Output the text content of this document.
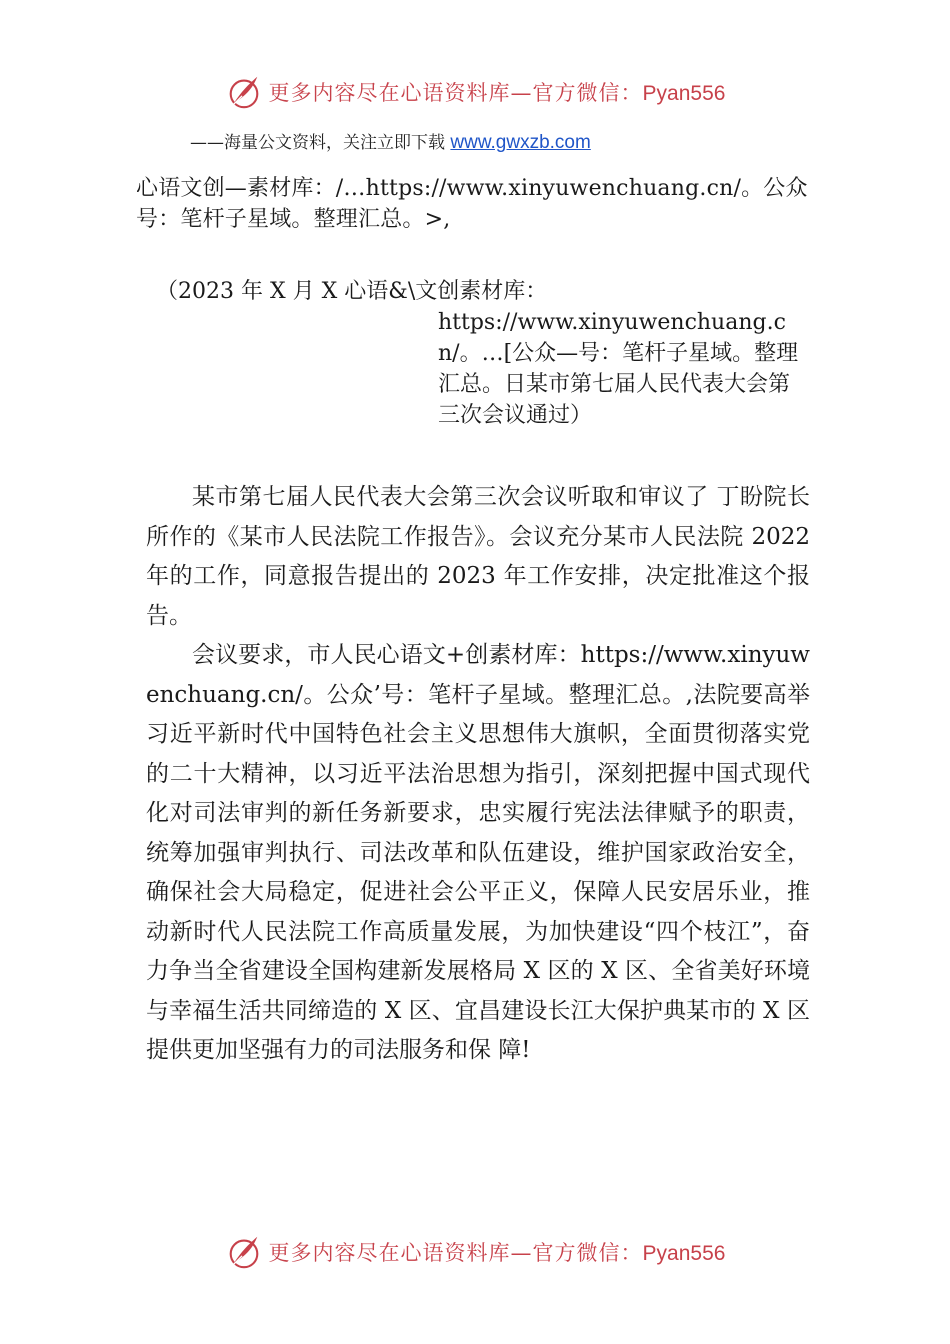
更多内容尽在心语资料库—官方微信：Pyan556
——海量公文资料，关注立即下载 www.gwxzb.com
心语文创—素材库：/…https://www.xinyuwenchuang.cn/。公众号：笔杆子星域。整理汇总。>,
（2023 年 X 月 X 心语&\文创素材库：
https://www.xinyuwenchuang.cn/。…[公众—号：笔杆子星域。整理汇总。日某市第七届人民代表大会第三次会议通过）

某市第七届人民代表大会第三次会议听取和审议了 丁盼院长所作的《某市人民法院工作报告》。会议充分某市人民法院 2022 年的工作，同意报告提出的 2023 年工作安排，决定批准这个报告。

会议要求，市人民心语文+创素材库：https://www.xinyuwenchuang.cn/。公众’号：笔杆子星域。整理汇总。,法院要高举习近平新时代中国特色社会主义思想伟大旗帜，全面贯彻落实党的二十大精神，以习近平法治思想为指引，深刻把握中国式现代化对司法审判的新任务新要求，忠实履行宪法法律赋予的职责，统筹加强审判执行、司法改革和队伍建设，维护国家政治安全，确保社会大局稳定，促进社会公平正义，保障人民安居乐业，推动新时代人民法院工作高质量发展，为加快建设“四个枝江”，奋力争当全省建设全国构建新发展格局 X 区的 X 区、全省美好环境与幸福生活共同缔造的 X 区、宜昌建设长江大保护典某市的 X 区提供更加坚强有力的司法服务和保 障!

更多内容尽在心语资料库—官方微信：Pyan556
